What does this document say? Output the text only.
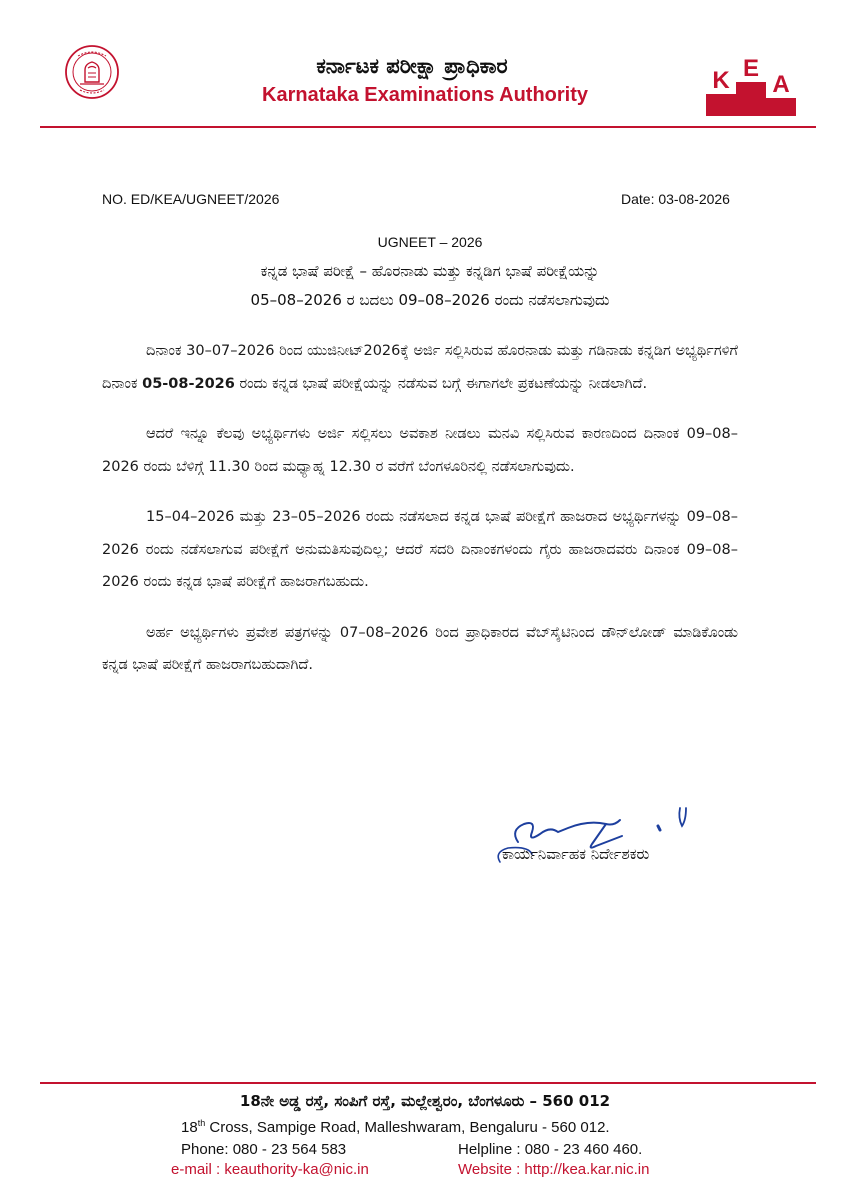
ಕರ್ನಾಟಕ ಪರೀಕ್ಷಾ ಪ್ರಾಧಿಕಾರ
Karnataka Examinations Authority
K E
A
NO. ED/KEA/UGNEET/2026	Date: 03-08-2026
UGNEET – 2026
ಕನ್ನಡ ಭಾಷೆ ಪರೀಕ್ಷೆ – ಹೊರನಾಡು ಮತ್ತು ಕನ್ನಡಿಗ ಭಾಷೆ ಪರೀಕ್ಷೆಯನ್ನು
05–08–2026 ರ ಬದಲು 09–08–2026 ರಂದು ನಡೆಸಲಾಗುವುದು

ದಿನಾಂಕ 30–07–2026 ರಿಂದ ಯುಜಿನೀಟ್2026ಕ್ಕೆ ಅರ್ಜಿ ಸಲ್ಲಿಸಿರುವ ಹೊರನಾಡು ಮತ್ತು ಗಡಿನಾಡು ಕನ್ನಡಿಗ ಅಭ್ಯರ್ಥಿಗಳಿಗೆ ದಿನಾಂಕ 05-08-2026 ರಂದು ಕನ್ನಡ ಭಾಷೆ ಪರೀಕ್ಷೆಯನ್ನು ನಡೆಸುವ ಬಗ್ಗೆ ಈಗಾಗಲೇ ಪ್ರಕಟಣೆಯನ್ನು ನೀಡಲಾಗಿದೆ.

ಆದರೆ ಇನ್ನೂ ಕೆಲವು ಅಭ್ಯರ್ಥಿಗಳು ಅರ್ಜಿ ಸಲ್ಲಿಸಲು ಅವಕಾಶ ನೀಡಲು ಮನವಿ ಸಲ್ಲಿಸಿರುವ ಕಾರಣದಿಂದ ದಿನಾಂಕ 09–08–2026 ರಂದು ಬೆಳಿಗ್ಗೆ 11.30 ರಿಂದ ಮಧ್ಯಾಹ್ನ 12.30 ರ ವರೆಗೆ ಬೆಂಗಳೂರಿನಲ್ಲಿ ನಡೆಸಲಾಗುವುದು.

15–04–2026 ಮತ್ತು 23–05–2026 ರಂದು ನಡೆಸಲಾದ ಕನ್ನಡ ಭಾಷೆ ಪರೀಕ್ಷೆಗೆ ಹಾಜರಾದ ಅಭ್ಯರ್ಥಿಗಳನ್ನು 09–08–2026 ರಂದು ನಡೆಸಲಾಗುವ ಪರೀಕ್ಷೆಗೆ ಅನುಮತಿಸುವುದಿಲ್ಲ; ಆದರೆ ಸದರಿ ದಿನಾಂಕಗಳಂದು ಗೈರು ಹಾಜರಾದವರು ದಿನಾಂಕ 09–08–2026 ರಂದು ಕನ್ನಡ ಭಾಷೆ ಪರೀಕ್ಷೆಗೆ ಹಾಜರಾಗಬಹುದು.

ಅರ್ಹ ಅಭ್ಯರ್ಥಿಗಳು ಪ್ರವೇಶ ಪತ್ರಗಳನ್ನು 07–08–2026 ರಿಂದ ಪ್ರಾಧಿಕಾರದ ವೆಬ್‌ಸೈಟಿನಿಂದ ಡೌನ್‌ಲೋಡ್ ಮಾಡಿಕೊಂಡು ಕನ್ನಡ ಭಾಷೆ ಪರೀಕ್ಷೆಗೆ ಹಾಜರಾಗಬಹುದಾಗಿದೆ.

ಕಾರ್ಯನಿರ್ವಾಹಕ ನಿರ್ದೇಶಕರು
18ನೇ ಅಡ್ಡ ರಸ್ತೆ, ಸಂಪಿಗೆ ರಸ್ತೆ, ಮಲ್ಲೇಶ್ವರಂ, ಬೆಂಗಳೂರು – 560 012
18th Cross, Sampige Road, Malleshwaram, Bengaluru - 560 012.
Phone: 080 - 23 564 583	Helpline : 080 - 23 460 460.
e-mail : keauthority-ka@nic.in	Website : http://kea.kar.nic.in
